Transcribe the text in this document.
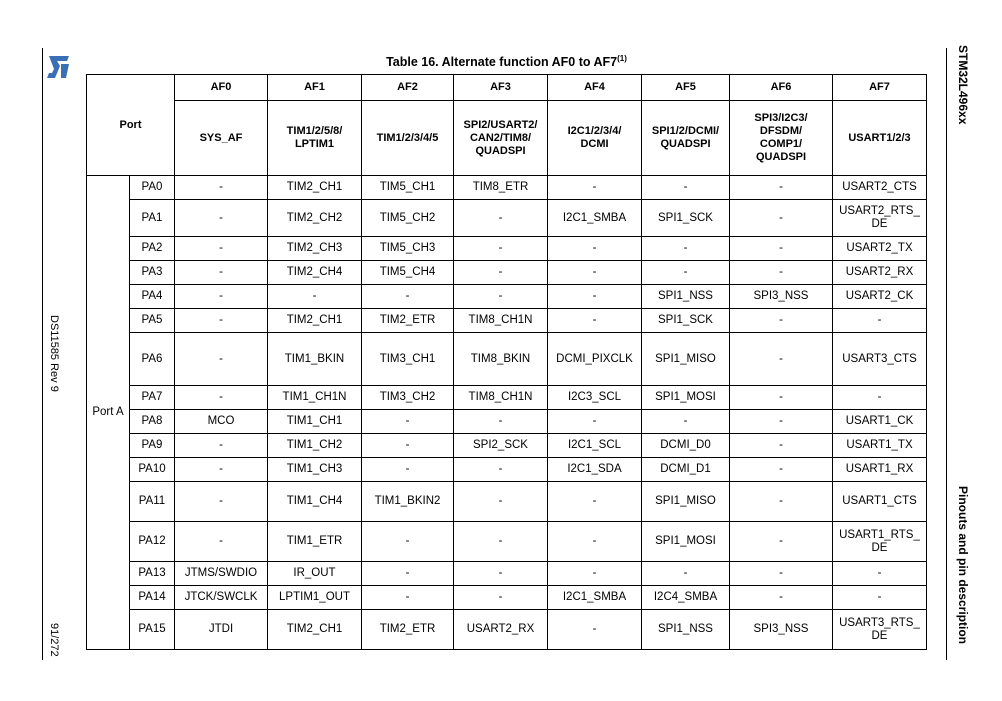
DS11585 Rev 9
91/272
STM32L496xx
Pinouts and pin description
Table 16. Alternate function AF0 to AF7$^{(1)}$
Port		AF0	AF1	AF2	AF3	AF4	AF5	AF6	AF7
		SYS_AF	TIM1/2/5/8/
LPTIM1	TIM1/2/3/4/5	SPI2/USART2/
CAN2/TIM8/
QUADSPI	I2C1/2/3/4/
DCMI	SPI1/2/DCMI/
QUADSPI	SPI3/I2C3/
DFSDM/
COMP1/
QUADSPI	USART1/2/3
Port A	PA0	-	TIM2_CH1	TIM5_CH1	TIM8_ETR	-	-	-	USART2_CTS
	PA1	-	TIM2_CH2	TIM5_CH2	-	I2C1_SMBA	SPI1_SCK	-	USART2_RTS_
DE
	PA2	-	TIM2_CH3	TIM5_CH3	-	-	-	-	USART2_TX
	PA3	-	TIM2_CH4	TIM5_CH4	-	-	-	-	USART2_RX
	PA4	-	-	-	-	-	SPI1_NSS	SPI3_NSS	USART2_CK
	PA5	-	TIM2_CH1	TIM2_ETR	TIM8_CH1N	-	SPI1_SCK	-	-
	PA6	-	TIM1_BKIN	TIM3_CH1	TIM8_BKIN	DCMI_PIXCLK	SPI1_MISO	-	USART3_CTS
	PA7	-	TIM1_CH1N	TIM3_CH2	TIM8_CH1N	I2C3_SCL	SPI1_MOSI	-	-
	PA8	MCO	TIM1_CH1	-	-	-	-	-	USART1_CK
	PA9	-	TIM1_CH2	-	SPI2_SCK	I2C1_SCL	DCMI_D0	-	USART1_TX
	PA10	-	TIM1_CH3	-	-	I2C1_SDA	DCMI_D1	-	USART1_RX
	PA11	-	TIM1_CH4	TIM1_BKIN2	-	-	SPI1_MISO	-	USART1_CTS
	PA12	-	TIM1_ETR	-	-	-	SPI1_MOSI	-	USART1_RTS_
DE
	PA13	JTMS/SWDIO	IR_OUT	-	-	-	-	-	-
	PA14	JTCK/SWCLK	LPTIM1_OUT	-	-	I2C1_SMBA	I2C4_SMBA	-	-
	PA15	JTDI	TIM2_CH1	TIM2_ETR	USART2_RX	-	SPI1_NSS	SPI3_NSS	USART3_RTS_
DE
